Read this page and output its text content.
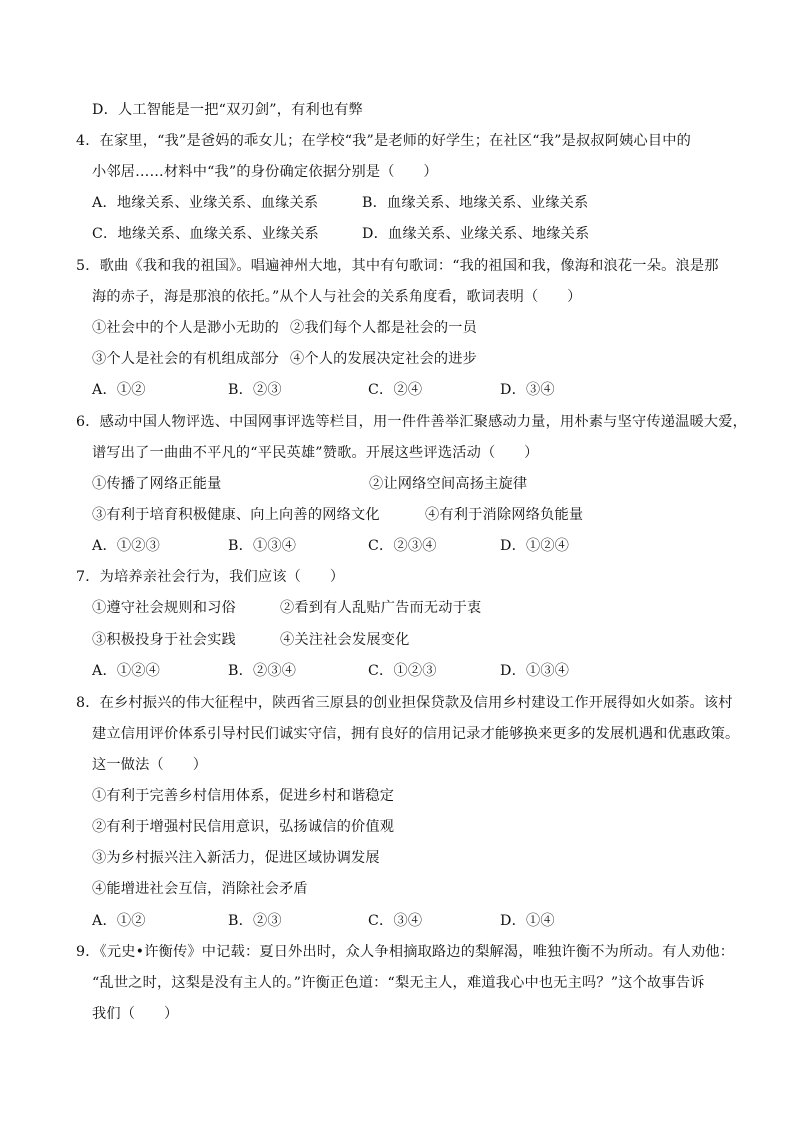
D．人工智能是一把“双刃剑”，有利也有弊
4．在家里，“我”是爸妈的乖女儿；在学校“我”是老师的好学生；在社区“我”是叔叔阿姨心目中的
小邻居……材料中“我”的身份确定依据分别是（　　）
A．地缘关系、业缘关系、血缘关系	B．血缘关系、地缘关系、业缘关系
C．地缘关系、血缘关系、业缘关系	D．血缘关系、业缘关系、地缘关系
5．歌曲《我和我的祖国》。唱遍神州大地，其中有句歌词：“我的祖国和我，像海和浪花一朵。浪是那
海的赤子，海是那浪的依托。”从个人与社会的关系角度看，歌词表明（　　）
①社会中的个人是渺小无助的 ②我们每个人都是社会的一员
③个人是社会的有机组成部分 ④个人的发展决定社会的进步
A．①②	B．②③	C．②④	D．③④
6．感动中国人物评选、中国网事评选等栏目，用一件件善举汇聚感动力量，用朴素与坚守传递温暖大爱，
谱写出了一曲曲不平凡的“平民英雄”赞歌。开展这些评选活动（　　）
①传播了网络正能量	②让网络空间高扬主旋律
③有利于培育积极健康、向上向善的网络文化	④有利于消除网络负能量
A．①②③	B．①③④	C．②③④	D．①②④
7．为培养亲社会行为，我们应该（　　）
①遵守社会规则和习俗	②看到有人乱贴广告而无动于衷
③积极投身于社会实践	④关注社会发展变化
A．①②④	B．②③④	C．①②③	D．①③④
8．在乡村振兴的伟大征程中，陕西省三原县的创业担保贷款及信用乡村建设工作开展得如火如荼。该村
建立信用评价体系引导村民们诚实守信，拥有良好的信用记录才能够换来更多的发展机遇和优惠政策。
这一做法（　　）
①有利于完善乡村信用体系，促进乡村和谐稳定
②有利于增强村民信用意识，弘扬诚信的价值观
③为乡村振兴注入新活力，促进区域协调发展
④能增进社会互信，消除社会矛盾
A．①②	B．②③	C．③④	D．①④
9．《元史•许衡传》中记载：夏日外出时，众人争相摘取路边的梨解渴，唯独许衡不为所动。有人劝他：
“乱世之时，这梨是没有主人的。”许衡正色道：“梨无主人，难道我心中也无主吗？”这个故事告诉
我们（　　）
